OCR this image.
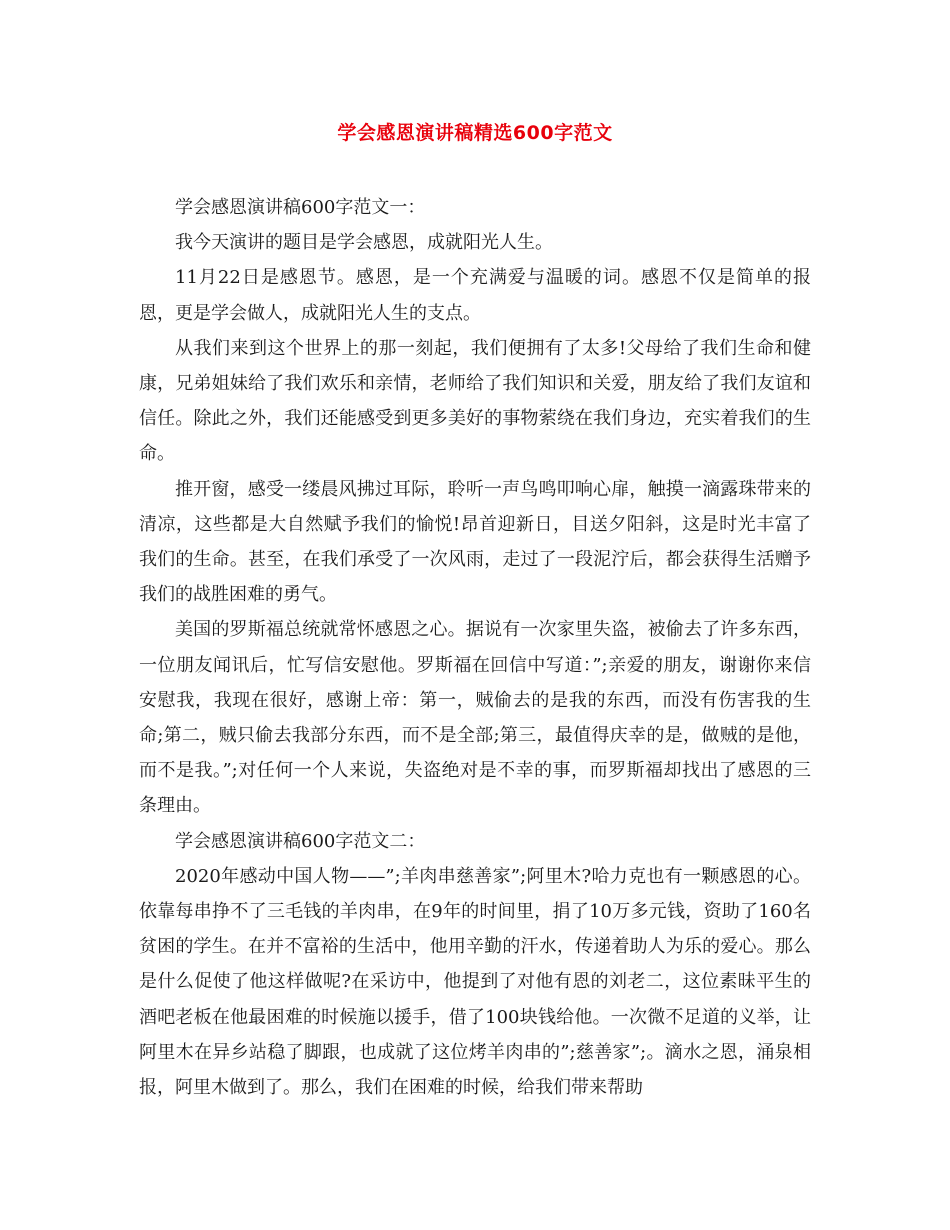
学会感恩演讲稿精选600字范文

学会感恩演讲稿600字范文一：

我今天演讲的题目是学会感恩，成就阳光人生。

11月22日是感恩节。感恩，是一个充满爱与温暖的词。感恩不仅是简单的报恩，更是学会做人，成就阳光人生的支点。

从我们来到这个世界上的那一刻起，我们便拥有了太多!父母给了我们生命和健康，兄弟姐妹给了我们欢乐和亲情，老师给了我们知识和关爱，朋友给了我们友谊和信任。除此之外，我们还能感受到更多美好的事物萦绕在我们身边，充实着我们的生命。

推开窗，感受一缕晨风拂过耳际，聆听一声鸟鸣叩响心扉，触摸一滴露珠带来的清凉，这些都是大自然赋予我们的愉悦!昂首迎新日，目送夕阳斜，这是时光丰富了我们的生命。甚至，在我们承受了一次风雨，走过了一段泥泞后，都会获得生活赠予我们的战胜困难的勇气。

美国的罗斯福总统就常怀感恩之心。据说有一次家里失盗，被偷去了许多东西，一位朋友闻讯后，忙写信安慰他。罗斯福在回信中写道：”;亲爱的朋友，谢谢你来信安慰我，我现在很好，感谢上帝：第一，贼偷去的是我的东西，而没有伤害我的生命;第二，贼只偷去我部分东西，而不是全部;第三，最值得庆幸的是，做贼的是他，而不是我。”;对任何一个人来说，失盗绝对是不幸的事，而罗斯福却找出了感恩的三条理由。

学会感恩演讲稿600字范文二：

2020年感动中国人物——”;羊肉串慈善家”;阿里木?哈力克也有一颗感恩的心。依靠每串挣不了三毛钱的羊肉串，在9年的时间里，捐了10万多元钱，资助了160名贫困的学生。在并不富裕的生活中，他用辛勤的汗水，传递着助人为乐的爱心。那么是什么促使了他这样做呢?在采访中，他提到了对他有恩的刘老二，这位素昧平生的酒吧老板在他最困难的时候施以援手，借了100块钱给他。一次微不足道的义举，让阿里木在异乡站稳了脚跟，也成就了这位烤羊肉串的”;慈善家”;。滴水之恩，涌泉相报，阿里木做到了。那么，我们在困难的时候，给我们带来帮助
